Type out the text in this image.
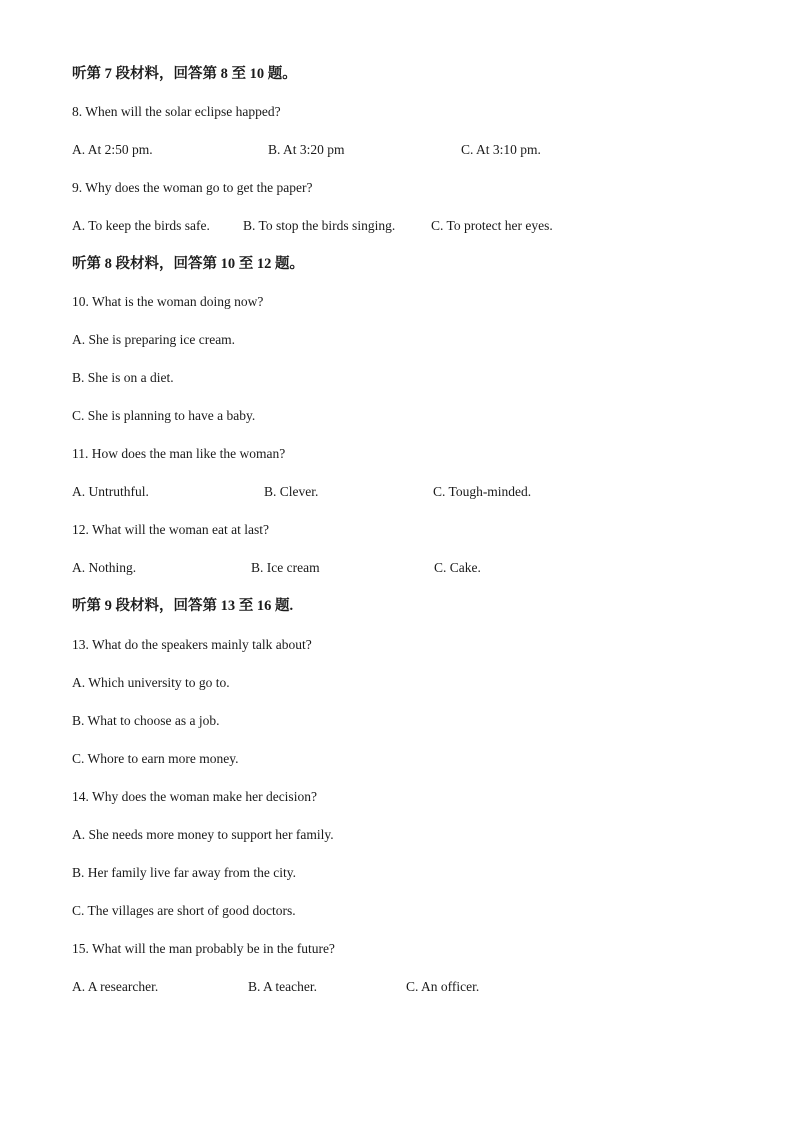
听第 7 段材料，回答第 8 至 10 题。
8. When will the solar eclipse happed?
A. At 2:50 pm.	B. At 3:20 pm	C. At 3:10 pm.
9. Why does the woman go to get the paper?
A. To keep the birds safe. B. To stop the birds singing.	C. To protect her eyes.
听第 8 段材料，回答第 10 至 12 题。
10. What is the woman doing now?
A. She is preparing ice cream.
B. She is on a diet.
C. She is planning to have a baby.
11. How does the man like the woman?
A. Untruthful.	B. Clever.	C. Tough-minded.
12. What will the woman eat at last?
A. Nothing.	B. Ice cream	C. Cake.
听第 9 段材料，回答第 13 至 16 题.
13. What do the speakers mainly talk about?
A. Which university to go to.
B. What to choose as a job.
C. Whore to earn more money.
14. Why does the woman make her decision?
A. She needs more money to support her family.
B. Her family live far away from the city.
C. The villages are short of good doctors.
15. What will the man probably be in the future?
A. A researcher.	B. A teacher.	C. An officer.
